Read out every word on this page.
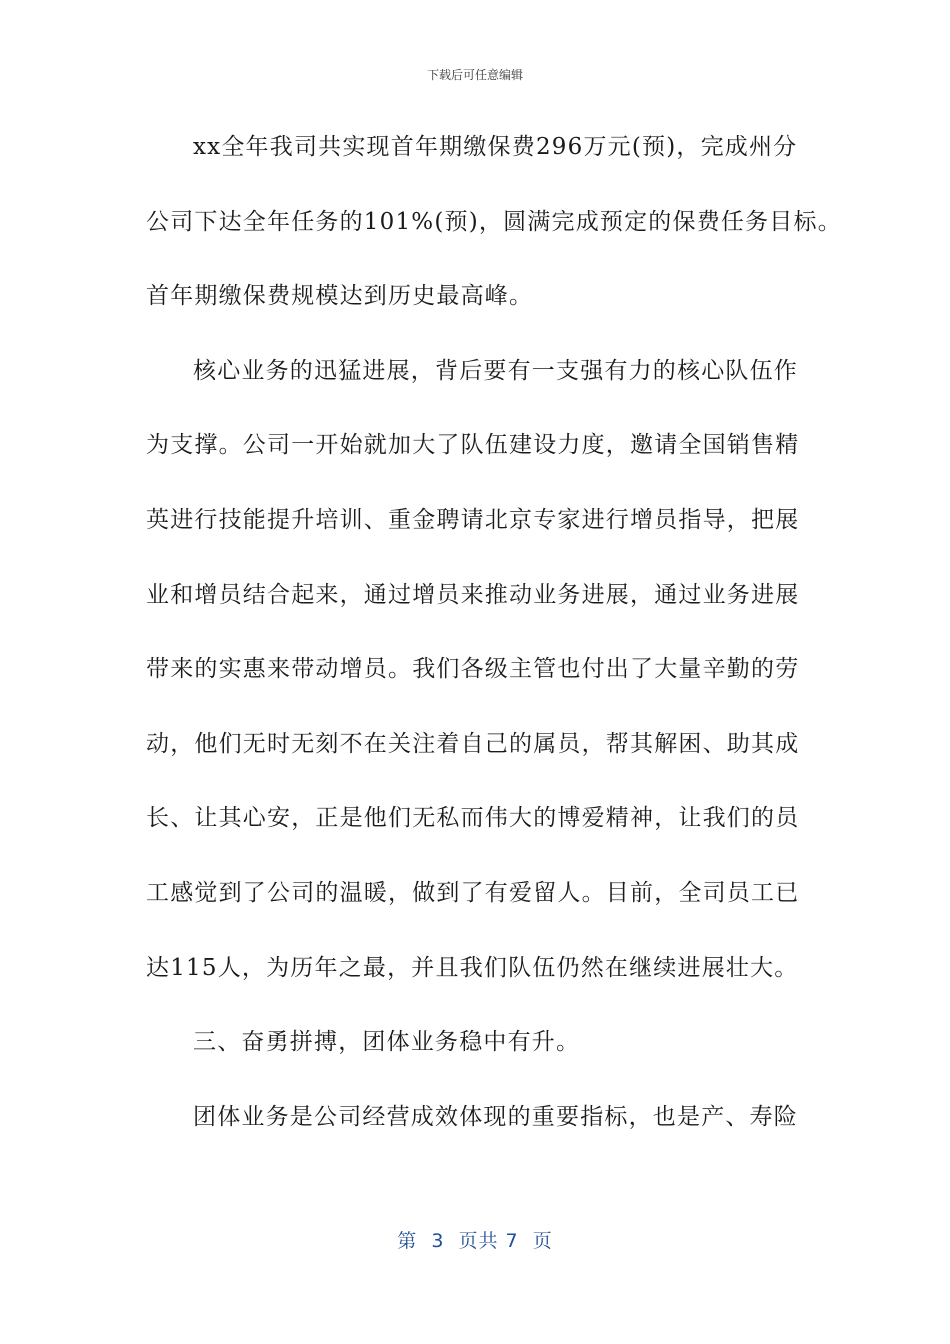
下载后可任意编辑
xx全年我司共实现首年期缴保费296万元(预)，完成州分
公司下达全年任务的101%(预)，圆满完成预定的保费任务目标。
首年期缴保费规模达到历史最高峰。
核心业务的迅猛进展，背后要有一支强有力的核心队伍作
为支撑。公司一开始就加大了队伍建设力度，邀请全国销售精
英进行技能提升培训、重金聘请北京专家进行增员指导，把展
业和增员结合起来，通过增员来推动业务进展，通过业务进展
带来的实惠来带动增员。我们各级主管也付出了大量辛勤的劳
动，他们无时无刻不在关注着自己的属员，帮其解困、助其成
长、让其心安，正是他们无私而伟大的博爱精神，让我们的员
工感觉到了公司的温暖，做到了有爱留人。目前，全司员工已
达115人，为历年之最，并且我们队伍仍然在继续进展壮大。
三、奋勇拼搏，团体业务稳中有升。
团体业务是公司经营成效体现的重要指标，也是产、寿险
第  3  页共 7  页
